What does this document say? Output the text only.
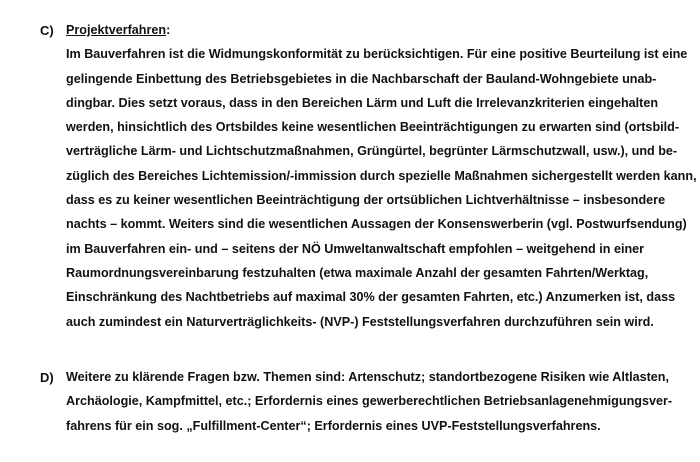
C) Projektverfahren:

Im Bauverfahren ist die Widmungskonformität zu berücksichtigen. Für eine positive Beurteilung ist eine

gelingende Einbettung des Betriebsgebietes in die Nachbarschaft der Bauland-Wohngebiete unab-

dingbar. Dies setzt voraus, dass in den Bereichen Lärm und Luft die Irrelevanzkriterien eingehalten

werden, hinsichtlich des Ortsbildes keine wesentlichen Beeinträchtigungen zu erwarten sind (ortsbild-

verträgliche Lärm- und Lichtschutzmaßnahmen, Grüngürtel, begrünter Lärmschutzwall, usw.), und be-

züglich des Bereiches Lichtemission/-immission durch spezielle Maßnahmen sichergestellt werden kann,

dass es zu keiner wesentlichen Beeinträchtigung der ortsüblichen Lichtverhältnisse – insbesondere

nachts – kommt. Weiters sind die wesentlichen Aussagen der Konsenswerberin (vgl. Postwurfsendung)

im Bauverfahren ein- und – seitens der NÖ Umweltanwaltschaft empfohlen – weitgehend in einer

Raumordnungsvereinbarung festzuhalten (etwa maximale Anzahl der gesamten Fahrten/Werktag,

Einschränkung des Nachtbetriebs auf maximal 30% der gesamten Fahrten, etc.) Anzumerken ist, dass

auch zumindest ein Naturverträglichkeits- (NVP-) Feststellungsverfahren durchzuführen sein wird.

D) Weitere zu klärende Fragen bzw. Themen sind: Artenschutz; standortbezogene Risiken wie Altlasten,

Archäologie, Kampfmittel, etc.; Erfordernis eines gewerberechtlichen Betriebsanlagenehmigungsver-

fahrens für ein sog. „Fulfillment-Center“; Erfordernis eines UVP-Feststellungsverfahrens.
